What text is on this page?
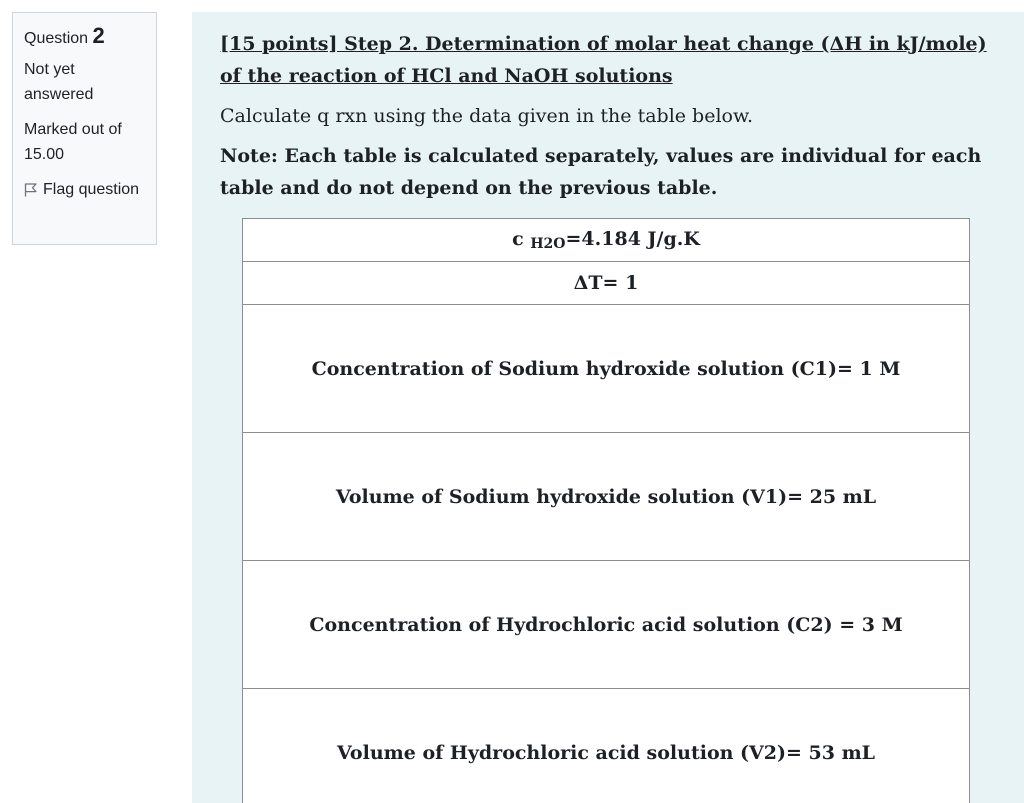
Question 2
Not yet answered
Marked out of 15.00
Flag question

[15 points] Step 2. Determination of molar heat change (ΔH in kJ/mole) of the reaction of HCl and NaOH solutions

Calculate q rxn using the data given in the table below.

Note: Each table is calculated separately, values are individual for each table and do not depend on the previous table.

c $_{H2O}$=4.184 J/g.K
ΔT= 1
Concentration of Sodium hydroxide solution (C1)= 1 M
Volume of Sodium hydroxide solution (V1)= 25 mL
Concentration of Hydrochloric acid solution (C2) = 3 M
Volume of Hydrochloric acid solution (V2)= 53 mL
